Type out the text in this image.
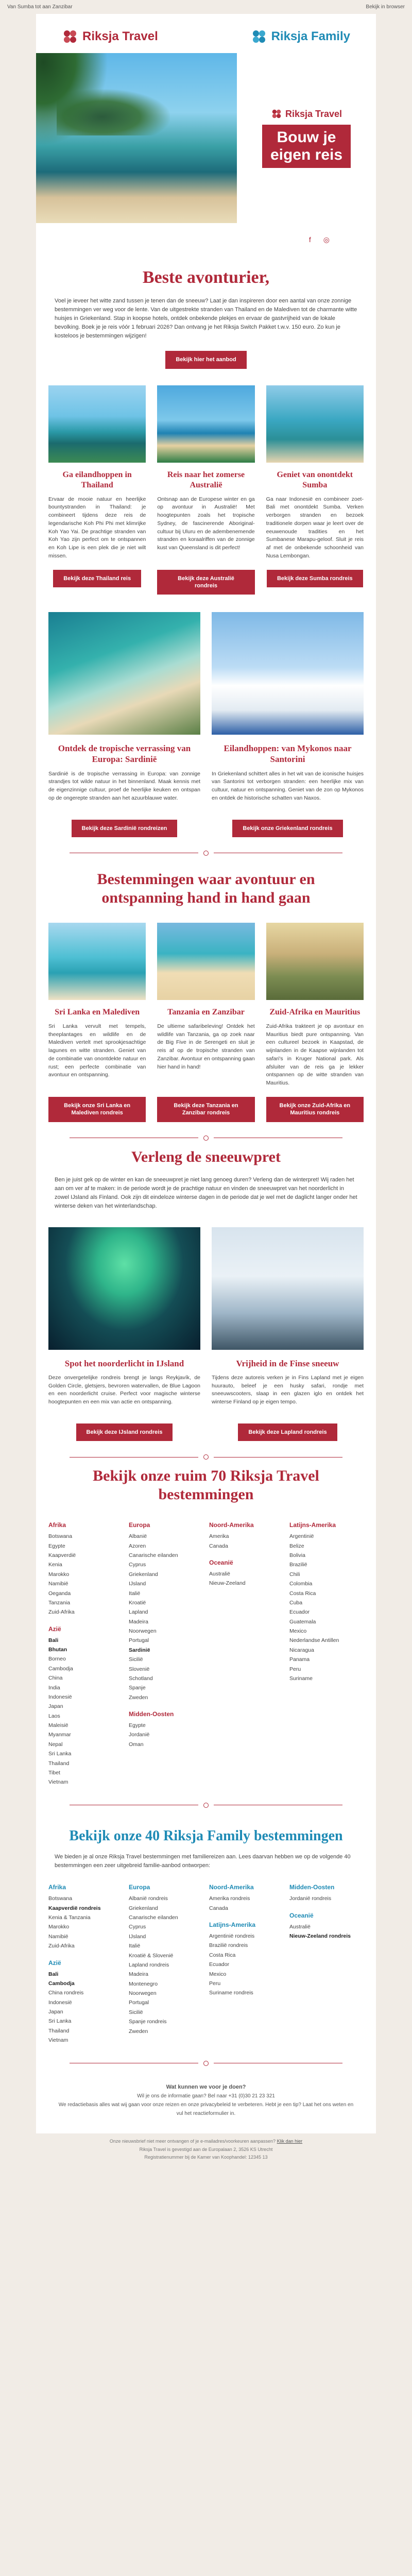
Van Sumba tot aan Zanzibar	Bekijk in browser
Riksja Travel	Riksja Family
Riksja Travel
Bouw je
eigen reis
f ◎
Beste avonturier,
Voel je ieveer het witte zand tussen je tenen dan de sneeuw? Laat je dan inspireren door een aantal van onze zonnige bestemmingen ver weg voor de lente. Van de uitgestrekte stranden van Thailand en de Malediven tot de charmante witte huisjes in Griekenland. Stap in koopse hotels, ontdek onbekende plekjes en ervaar de gastvrijheid van de lokale bevolking. Boek je je reis vóór 1 februari 2026? Dan ontvang je het Riksja Switch Pakket t.w.v. 150 euro. Zo kun je kosteloos je bestemmingen wijzigen!
Bekijk hier het aanbod
Ga eilandhoppen in Thailand

Ervaar de mooie natuur en heerlijke bountystranden in Thailand: je combineert tijdens deze reis de legendarische Koh Phi Phi met klimrijke Koh Yao Yai. De prachtige stranden van Koh Yao zijn perfect om te ontspannen en Koh Lipe is een plek die je niet wilt missen.

Bekijk deze Thailand reis
Reis naar het zomerse Australië

Ontsnap aan de Europese winter en ga op avontuur in Australië! Met hoogtepunten zoals het tropische Sydney, de fascinerende Aboriginal-cultuur bij Uluru en de adembenemende stranden en koraalriffen van de zonnige kust van Queensland is dit perfect!

Bekijk deze Australië rondreis
Geniet van onontdekt Sumba

Ga naar Indonesië en combineer zoet-Bali met onontdekt Sumba. Verken verborgen stranden en bezoek traditionele dorpen waar je leert over de eeuwenoude tradities en het Sumbanese Marapu-geloof. Sluit je reis af met de onbekende schoonheid van Nusa Lembongan.

Bekijk deze Sumba rondreis
Ontdek de tropische verrassing van Europa: Sardinië

Sardinië is de tropische verrassing in Europa: van zonnige strandjes tot wilde natuur in het binnenland. Maak kennis met de eigenzinnige cultuur, proef de heerlijke keuken en ontspan op de ongerepte stranden aan het azuurblauwe water.

Bekijk deze Sardinië rondreizen
Eilandhoppen: van Mykonos naar Santorini

In Griekenland schittert alles in het wit van de iconische huisjes van Santorini tot verborgen stranden: een heerlijke mix van cultuur, natuur en ontspanning. Geniet van de zon op Mykonos en ontdek de historische schatten van Naxos.

Bekijk onze Griekenland rondreis
Bestemmingen waar avontuur en ontspanning hand in hand gaan
Sri Lanka en Malediven

Sri Lanka vervult met tempels, theeplantages en wildlife en de Malediven vertelt met sprookjesachtige lagunes en witte stranden. Geniet van de combinatie van onontdekte natuur en rust; een perfecte combinatie van avontuur en ontspanning.

Bekijk onze Sri Lanka en Malediven rondreis
Tanzania en Zanzibar

De ultieme safaribeleving! Ontdek het wildlife van Tanzania, ga op zoek naar de Big Five in de Serengeti en sluit je reis af op de tropische stranden van Zanzibar. Avontuur en ontspanning gaan hier hand in hand!

Bekijk deze Tanzania en Zanzibar rondreis
Zuid-Afrika en Mauritius

Zuid-Afrika trakteert je op avontuur en Mauritius biedt pure ontspanning. Van een cultureel bezoek in Kaapstad, de wijnlanden in de Kaapse wijnlanden tot safari's in Kruger National park. Als afsluiter van de reis ga je lekker ontspannen op de witte stranden van Mauritius.

Bekijk onze Zuid-Afrika en Mauritius rondreis
Verleng de sneeuwpret
Ben je juist gek op de winter en kan de sneeuwpret je niet lang genoeg duren? Verleng dan de winterpret! Wij raden het aan om ver af te maken: in de periode wordt je de prachtige natuur en vinden de sneeuwpret van het noorderlicht in zowel IJsland als Finland. Ook zijn dit eindeloze winterse dagen in de periode dat je wel met de daglicht langer onder het winterse deken van het winterlandschap.
Spot het noorderlicht in IJsland

Deze onvergetelijke rondreis brengt je langs Reykjavík, de Golden Circle, gletsjers, bevroren watervallen, de Blue Lagoon en een noorderlicht cruise. Perfect voor magische winterse hoogtepunten en een mix van actie en ontspanning.

Bekijk deze IJsland rondreis
Vrijheid in de Finse sneeuw

Tijdens deze autoreis verken je in Fins Lapland met je eigen huurauto, beleef je een husky safari, rondje met sneeuwscooters, slaap in een glazen iglo en ontdek het winterse Finland op je eigen tempo.

Bekijk deze Lapland rondreis
Bekijk onze ruim 70 Riksja Travel bestemmingen
Afrika
Botswana
Egypte
Kaapverdië
Kenia
Marokko
Namibië
Oeganda
Tanzania
Zuid-Afrika
Azië
Bali
Bhutan
Borneo
Cambodja
China
India
Indonesië
Japan
Laos
Maleisië
Myanmar
Nepal
Sri Lanka
Thailand
Tibet
Vietnam
Europa
Albanië
Azoren
Canarische eilanden
Cyprus
Griekenland
IJsland
Italië
Kroatië
Lapland
Madeira
Noorwegen
Portugal
Sardinië
Sicilië
Slovenië
Schotland
Spanje
Zweden
Midden-Oosten
Egypte
Jordanië
Oman
Noord-Amerika
Amerika
Canada
Oceanië
Australië
Nieuw-Zeeland
Latijns-Amerika
Argentinië
Belize
Bolivia
Brazilië
Chili
Colombia
Costa Rica
Cuba
Ecuador
Guatemala
Mexico
Nederlandse Antillen
Nicaragua
Panama
Peru
Suriname
Bekijk onze 40 Riksja Family bestemmingen
We bieden je al onze Riksja Travel bestemmingen met familiereizen aan. Lees daarvan hebben we op de volgende 40 bestemmingen een zeer uitgebreid familie-aanbod ontworpen:
Afrika
Botswana
Kaapverdië rondreis
Kenia & Tanzania
Marokko
Namibië
Zuid-Afrika
Azië
Bali
Cambodja
China rondreis
Indonesië
Japan
Sri Lanka
Thailand
Vietnam
Europa
Albanië rondreis
Griekenland
Canarische eilanden
Cyprus
IJsland
Italië
Kroatië & Slovenië
Lapland rondreis
Madeira
Montenegro
Noorwegen
Portugal
Sicilië
Spanje rondreis
Zweden
Noord-Amerika
Amerika rondreis
Canada
Latijns-Amerika
Argentinië rondreis
Brazilië rondreis
Costa Rica
Ecuador
Mexico
Peru
Suriname rondreis
Midden-Oosten
Jordanië rondreis
Oceanië
Australië
Nieuw-Zeeland rondreis
Wat kunnen we voor je doen?
Wil je ons de informatie gaan? Bel naar +31 (0)30 21 23 321
We redactiebasis alles wat wij gaan voor onze reizen en onze privacybeleid te verbeteren. Hebt je een tip? Laat het ons weten en vul het reactieformulier in.
Onze nieuwsbrief niet meer ontvangen of je e-mailadres/voorkeuren aanpassen? Klik dan hier
Riksja Travel is gevestigd aan de Europalaan 2, 3526 KS Utrecht
Registratienummer bij de Kamer van Koophandel: 12345 13
